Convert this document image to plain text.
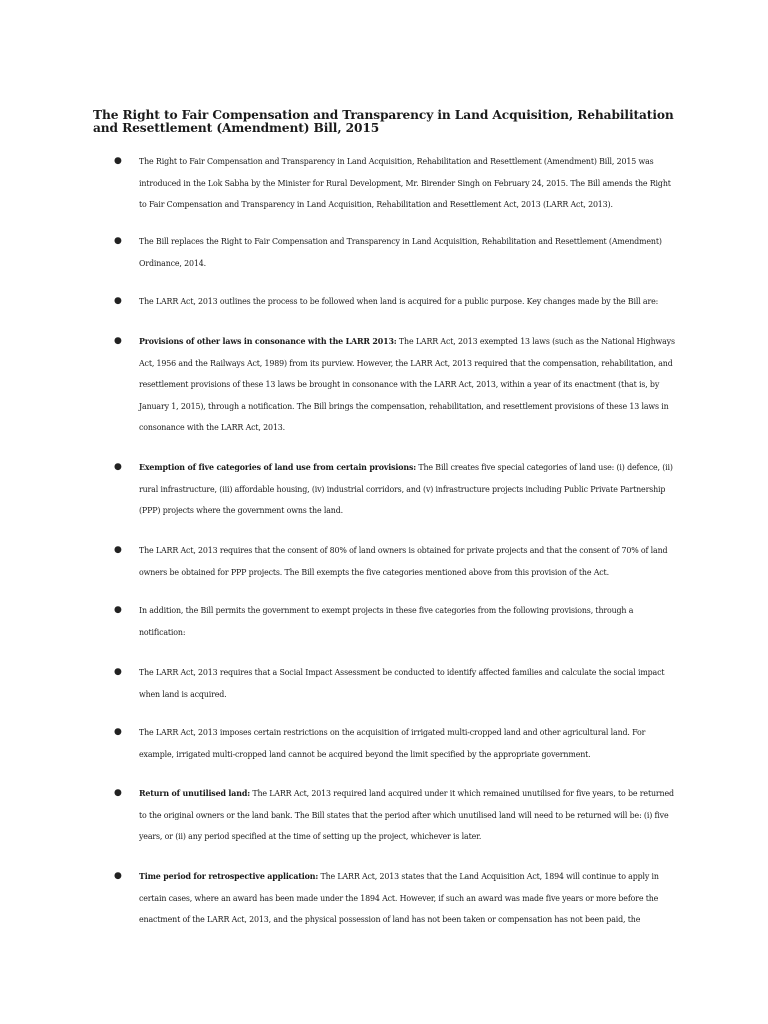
The Right to Fair Compensation and Transparency in Land Acquisition, Rehabilitation and Resettlement (Amendment) Bill, 2015
● The Right to Fair Compensation and Transparency in Land Acquisition, Rehabilitation and Resettlement (Amendment) Bill, 2015 was introduced in the Lok Sabha by the Minister for Rural Development, Mr. Birender Singh on February 24, 2015. The Bill amends the Right to Fair Compensation and Transparency in Land Acquisition, Rehabilitation and Resettlement Act, 2013 (LARR Act, 2013).

● The Bill replaces the Right to Fair Compensation and Transparency in Land Acquisition, Rehabilitation and Resettlement (Amendment) Ordinance, 2014.

● The LARR Act, 2013 outlines the process to be followed when land is acquired for a public purpose. Key changes made by the Bill are:

● Provisions of other laws in consonance with the LARR 2013: The LARR Act, 2013 exempted 13 laws (such as the National Highways Act, 1956 and the Railways Act, 1989) from its purview. However, the LARR Act, 2013 required that the compensation, rehabilitation, and resettlement provisions of these 13 laws be brought in consonance with the LARR Act, 2013, within a year of its enactment (that is, by January 1, 2015), through a notification. The Bill brings the compensation, rehabilitation, and resettlement provisions of these 13 laws in consonance with the LARR Act, 2013.

● Exemption of five categories of land use from certain provisions: The Bill creates five special categories of land use: (i) defence, (ii) rural infrastructure, (iii) affordable housing, (iv) industrial corridors, and (v) infrastructure projects including Public Private Partnership (PPP) projects where the government owns the land.

● The LARR Act, 2013 requires that the consent of 80% of land owners is obtained for private projects and that the consent of 70% of land owners be obtained for PPP projects. The Bill exempts the five categories mentioned above from this provision of the Act.

● In addition, the Bill permits the government to exempt projects in these five categories from the following provisions, through a notification:

● The LARR Act, 2013 requires that a Social Impact Assessment be conducted to identify affected families and calculate the social impact when land is acquired.

● The LARR Act, 2013 imposes certain restrictions on the acquisition of irrigated multi-cropped land and other agricultural land. For example, irrigated multi-cropped land cannot be acquired beyond the limit specified by the appropriate government.

● Return of unutilised land: The LARR Act, 2013 required land acquired under it which remained unutilised for five years, to be returned to the original owners or the land bank. The Bill states that the period after which unutilised land will need to be returned will be: (i) five years, or (ii) any period specified at the time of setting up the project, whichever is later.

● Time period for retrospective application: The LARR Act, 2013 states that the Land Acquisition Act, 1894 will continue to apply in certain cases, where an award has been made under the 1894 Act. However, if such an award was made five years or more before the enactment of the LARR Act, 2013, and the physical possession of land has not been taken or compensation has not been paid, the
